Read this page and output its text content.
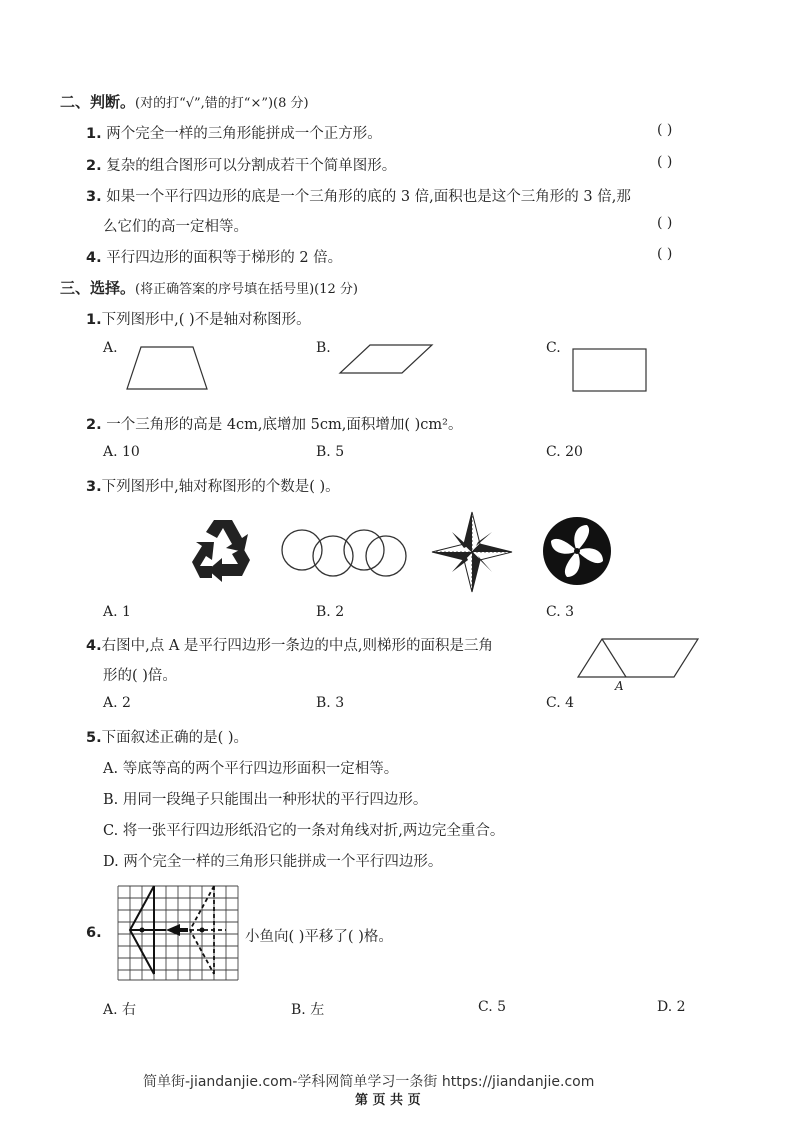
二、判断。(对的打“√”,错的打“×”)(8 分)
1. 两个完全一样的三角形能拼成一个正方形。	( )
2. 复杂的组合图形可以分割成若干个简单图形。	( )
3. 如果一个平行四边形的底是一个三角形的底的 3 倍,面积也是这个三角形的 3 倍,那
么它们的高一定相等。	( )
4. 平行四边形的面积等于梯形的 2 倍。	( )
三、选择。(将正确答案的序号填在括号里)(12 分)
1.下列图形中,( )不是轴对称图形。
A.	B.	C.
2. 一个三角形的高是 4cm,底增加 5cm,面积增加( )cm²。
A. 10	B. 5	C. 20
3.下列图形中,轴对称图形的个数是( )。
A. 1	B. 2	C. 3
4.右图中,点 A 是平行四边形一条边的中点,则梯形的面积是三角
形的( )倍。
A
A. 2	B. 3	C. 4
5.下面叙述正确的是( )。
A. 等底等高的两个平行四边形面积一定相等。
B. 用同一段绳子只能围出一种形状的平行四边形。
C. 将一张平行四边形纸沿它的一条对角线对折,两边完全重合。
D. 两个完全一样的三角形只能拼成一个平行四边形。
6.	小鱼向( )平移了( )格。
A. 右	B. 左	C. 5	D. 2
简单街-jiandanjie.com-学科网简单学习一条街 https://jiandanjie.com
第 页 共 页
